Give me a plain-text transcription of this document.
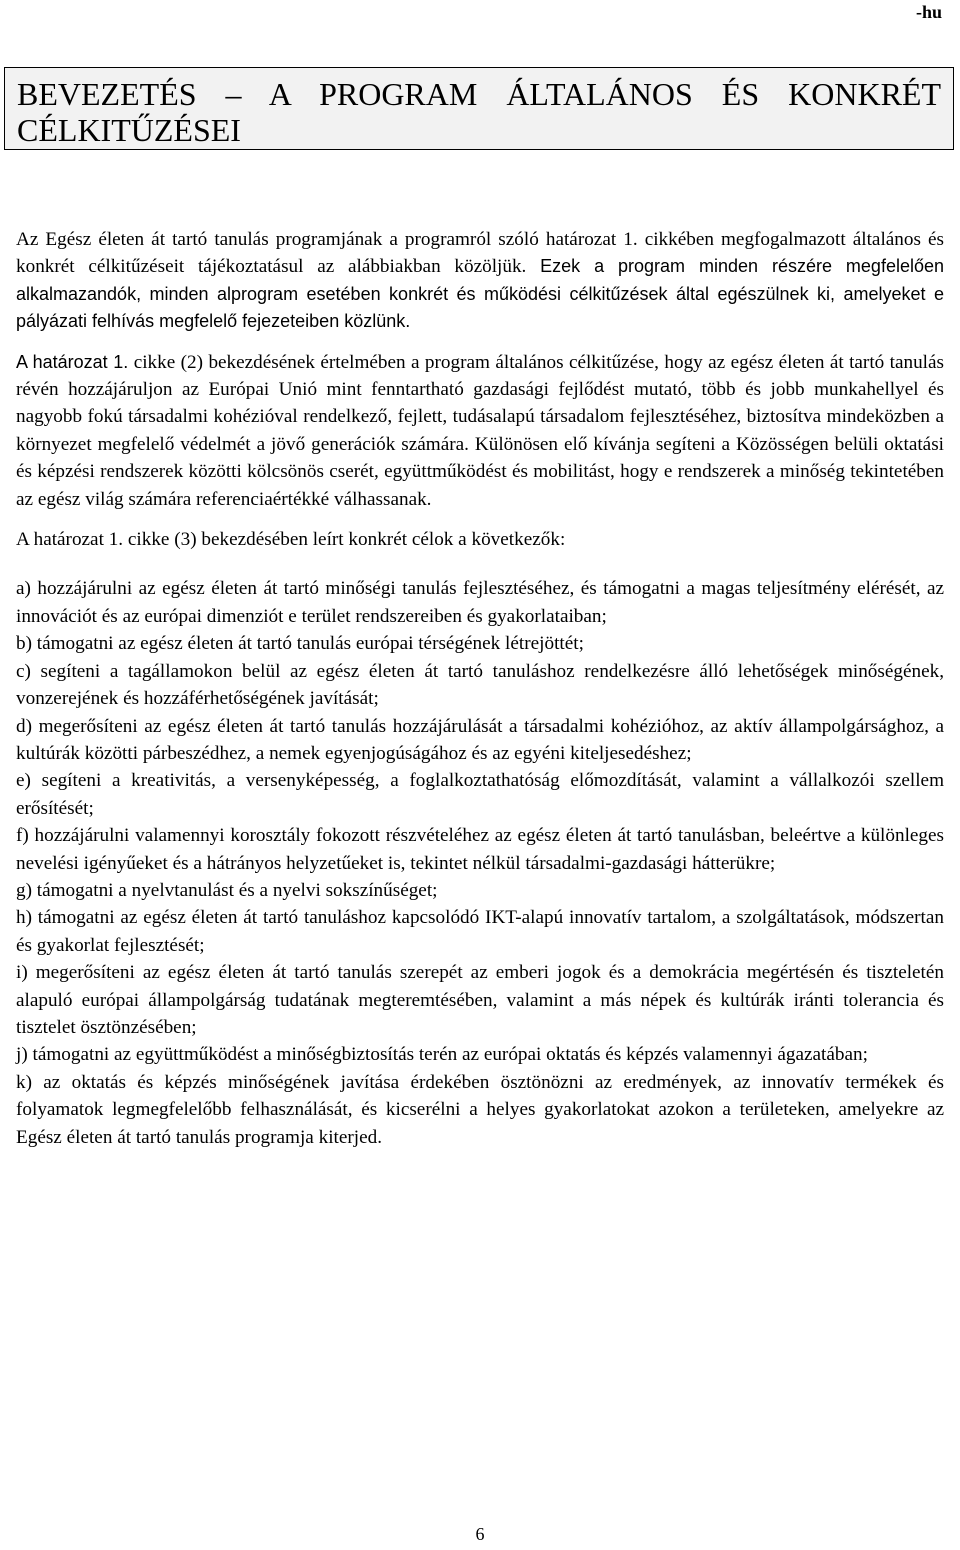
-hu
BEVEZETÉS – A PROGRAM ÁLTALÁNOS ÉS KONKRÉT
CÉLKITŰZÉSEI

Az Egész életen át tartó tanulás programjának a programról szóló határozat 1. cikkében megfogalmazott általános és konkrét célkitűzéseit tájékoztatásul az alábbiakban közöljük. Ezek a program minden részére megfelelően alkalmazandók, minden alprogram esetében konkrét és működési célkitűzések által egészülnek ki, amelyeket e pályázati felhívás megfelelő fejezeteiben közlünk.

A határozat 1. cikke (2) bekezdésének értelmében a program általános célkitűzése, hogy az egész életen át tartó tanulás révén hozzájáruljon az Európai Unió mint fenntartható gazdasági fejlődést mutató, több és jobb munkahellyel és nagyobb fokú társadalmi kohézióval rendelkező, fejlett, tudásalapú társadalom fejlesztéséhez, biztosítva mindeközben a környezet megfelelő védelmét a jövő generációk számára. Különösen elő kívánja segíteni a Közösségen belüli oktatási és képzési rendszerek közötti kölcsönös cserét, együttműködést és mobilitást, hogy e rendszerek a minőség tekintetében az egész világ számára referenciaértékké válhassanak.

A határozat 1. cikke (3) bekezdésében leírt konkrét célok a következők:

a) hozzájárulni az egész életen át tartó minőségi tanulás fejlesztéséhez, és támogatni a magas teljesítmény elérését, az innovációt és az európai dimenziót e terület rendszereiben és gyakorlataiban;

b) támogatni az egész életen át tartó tanulás európai térségének létrejöttét;

c) segíteni a tagállamokon belül az egész életen át tartó tanuláshoz rendelkezésre álló lehetőségek minőségének, vonzerejének és hozzáférhetőségének javítását;

d) megerősíteni az egész életen át tartó tanulás hozzájárulását a társadalmi kohézióhoz, az aktív állampolgársághoz, a kultúrák közötti párbeszédhez, a nemek egyenjogúságához és az egyéni kiteljesedéshez;

e) segíteni a kreativitás, a versenyképesség, a foglalkoztathatóság előmozdítását, valamint a vállalkozói szellem erősítését;

f) hozzájárulni valamennyi korosztály fokozott részvételéhez az egész életen át tartó tanulásban, beleértve a különleges nevelési igényűeket és a hátrányos helyzetűeket is, tekintet nélkül társadalmi-gazdasági hátterükre;

g) támogatni a nyelvtanulást és a nyelvi sokszínűséget;

h) támogatni az egész életen át tartó tanuláshoz kapcsolódó IKT-alapú innovatív tartalom, a szolgáltatások, módszertan és gyakorlat fejlesztését;

i) megerősíteni az egész életen át tartó tanulás szerepét az emberi jogok és a demokrácia megértésén és tiszteletén alapuló európai állampolgárság tudatának megteremtésében, valamint a más népek és kultúrák iránti tolerancia és tisztelet ösztönzésében;

j) támogatni az együttműködést a minőségbiztosítás terén az európai oktatás és képzés valamennyi ágazatában;

k) az oktatás és képzés minőségének javítása érdekében ösztönözni az eredmények, az innovatív termékek és folyamatok legmegfelelőbb felhasználását, és kicserélni a helyes gyakorlatokat azokon a területeken, amelyekre az Egész életen át tartó tanulás programja kiterjed.

6
